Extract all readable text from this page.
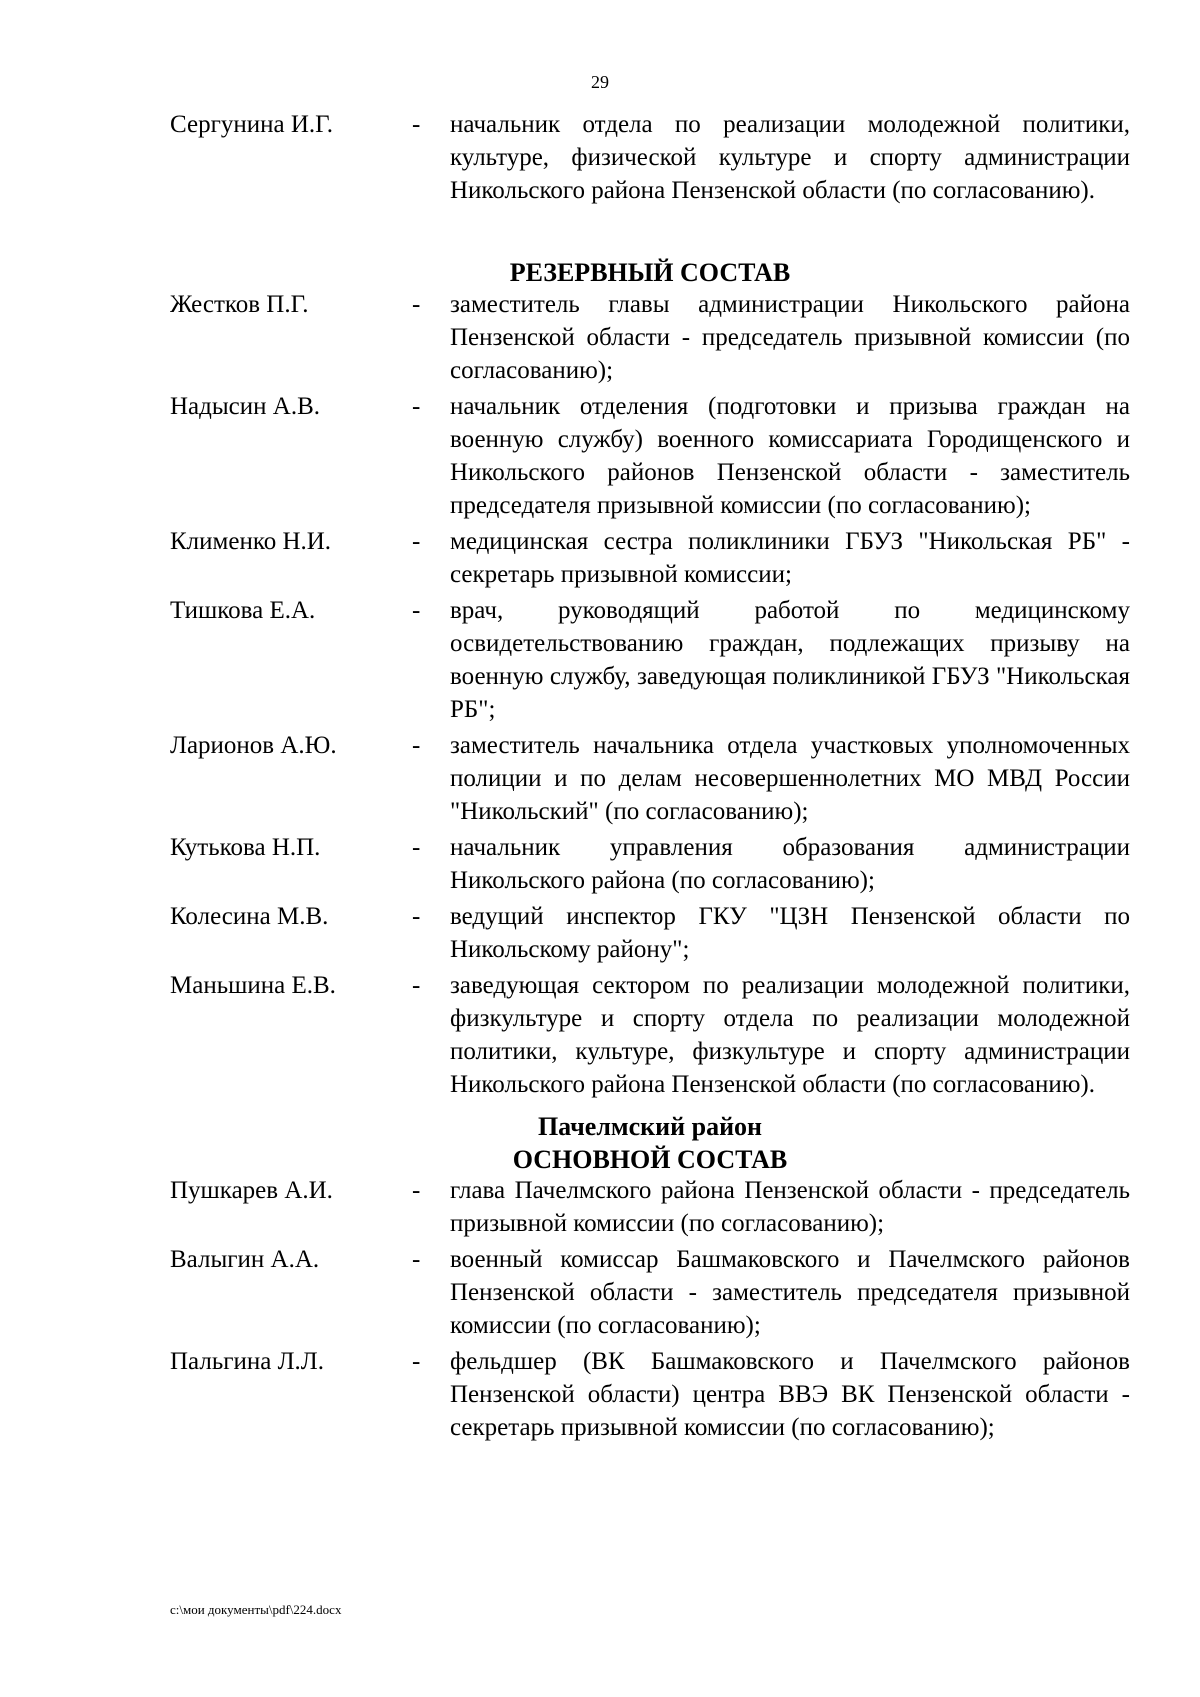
29
Сергунина И.Г.	-	начальник отдела по реализации молодежной политики, культуре, физической культуре и спорту администрации Никольского района Пензенской области (по согласованию).
РЕЗЕРВНЫЙ СОСТАВ
Жестков П.Г.	-	заместитель главы администрации Никольского района Пензенской области - председатель призывной комиссии (по согласованию);
Надысин А.В.	-	начальник отделения (подготовки и призыва граждан на военную службу) военного комиссариата Городищенского и Никольского районов Пензенской области - заместитель председателя призывной комиссии (по согласованию);
Клименко Н.И.	-	медицинская сестра поликлиники ГБУЗ "Никольская РБ" - секретарь призывной комиссии;
Тишкова Е.А.	-	врач, руководящий работой по медицинскому освидетельствованию граждан, подлежащих призыву на военную службу, заведующая поликлиникой ГБУЗ "Никольская РБ";
Ларионов А.Ю.	-	заместитель начальника отдела участковых уполномоченных полиции и по делам несовершеннолетних МО МВД России "Никольский" (по согласованию);
Кутькова Н.П.	-	начальник управления образования администрации Никольского района (по согласованию);
Колесина М.В.	-	ведущий инспектор ГКУ "ЦЗН Пензенской области по Никольскому району";
Маньшина Е.В.	-	заведующая сектором по реализации молодежной политики, физкультуре и спорту отдела по реализации молодежной политики, культуре, физкультуре и спорту администрации Никольского района Пензенской области (по согласованию).
Пачелмский район
ОСНОВНОЙ СОСТАВ
Пушкарев А.И.	-	глава Пачелмского района Пензенской области - председатель призывной комиссии (по согласованию);
Валыгин А.А.	-	военный комиссар Башмаковского и Пачелмского районов Пензенской области - заместитель председателя призывной комиссии (по согласованию);
Пальгина Л.Л.	-	фельдшер (ВК Башмаковского и Пачелмского районов Пензенской области) центра ВВЭ ВК Пензенской области - секретарь призывной комиссии (по согласованию);
c:\мои документы\pdf\224.docx
